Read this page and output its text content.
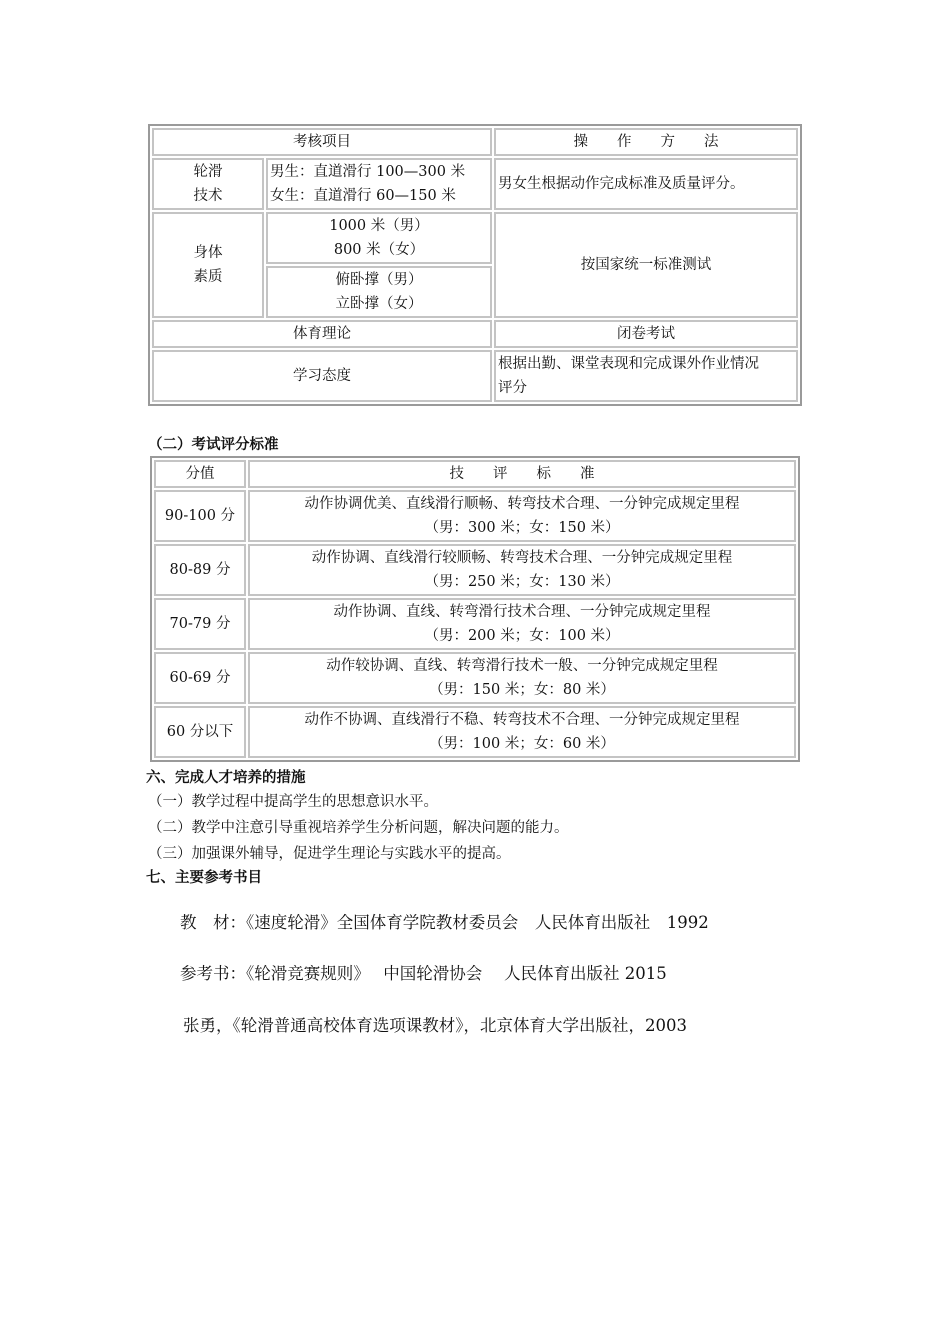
考核项目		操　　作　　方　　法

轮滑
技术	男生：直道滑行 100—300 米
女生：直道滑行 60—150 米	男女生根据动作完成标准及质量评分。

身体
素质	1000 米（男）
800 米（女）	按国家统一标准测试

	俯卧撑（男）
立卧撑（女）	

体育理论		闭卷考试
学习态度		根据出勤、课堂表现和完成课外作业情况
评分
（二）考试评分标准
分值	技　　评　　标　　准
90-100 分	动作协调优美、直线滑行顺畅、转弯技术合理、一分钟完成规定里程
（男：300 米；女：150 米）

80-89 分	动作协调、直线滑行较顺畅、转弯技术合理、一分钟完成规定里程
（男：250 米；女：130 米）

70-79 分	动作协调、直线、转弯滑行技术合理、一分钟完成规定里程
（男：200 米；女：100 米）

60-69 分	动作较协调、直线、转弯滑行技术一般、一分钟完成规定里程
（男：150 米；女：80 米）

60 分以下	动作不协调、直线滑行不稳、转弯技术不合理、一分钟完成规定里程
（男：100 米；女：60 米）
六、完成人才培养的措施
（一）教学过程中提高学生的思想意识水平。
（二）教学中注意引导重视培养学生分析问题，解决问题的能力。
（三）加强课外辅导，促进学生理论与实践水平的提高。
七、主要参考书目
教　材：《速度轮滑》全国体育学院教材委员会　人民体育出版社　1992
参考书：《轮滑竞赛规则》　 中国轮滑协会　 人民体育出版社 2015
张勇，《轮滑普通高校体育选项课教材》，北京体育大学出版社，2003
